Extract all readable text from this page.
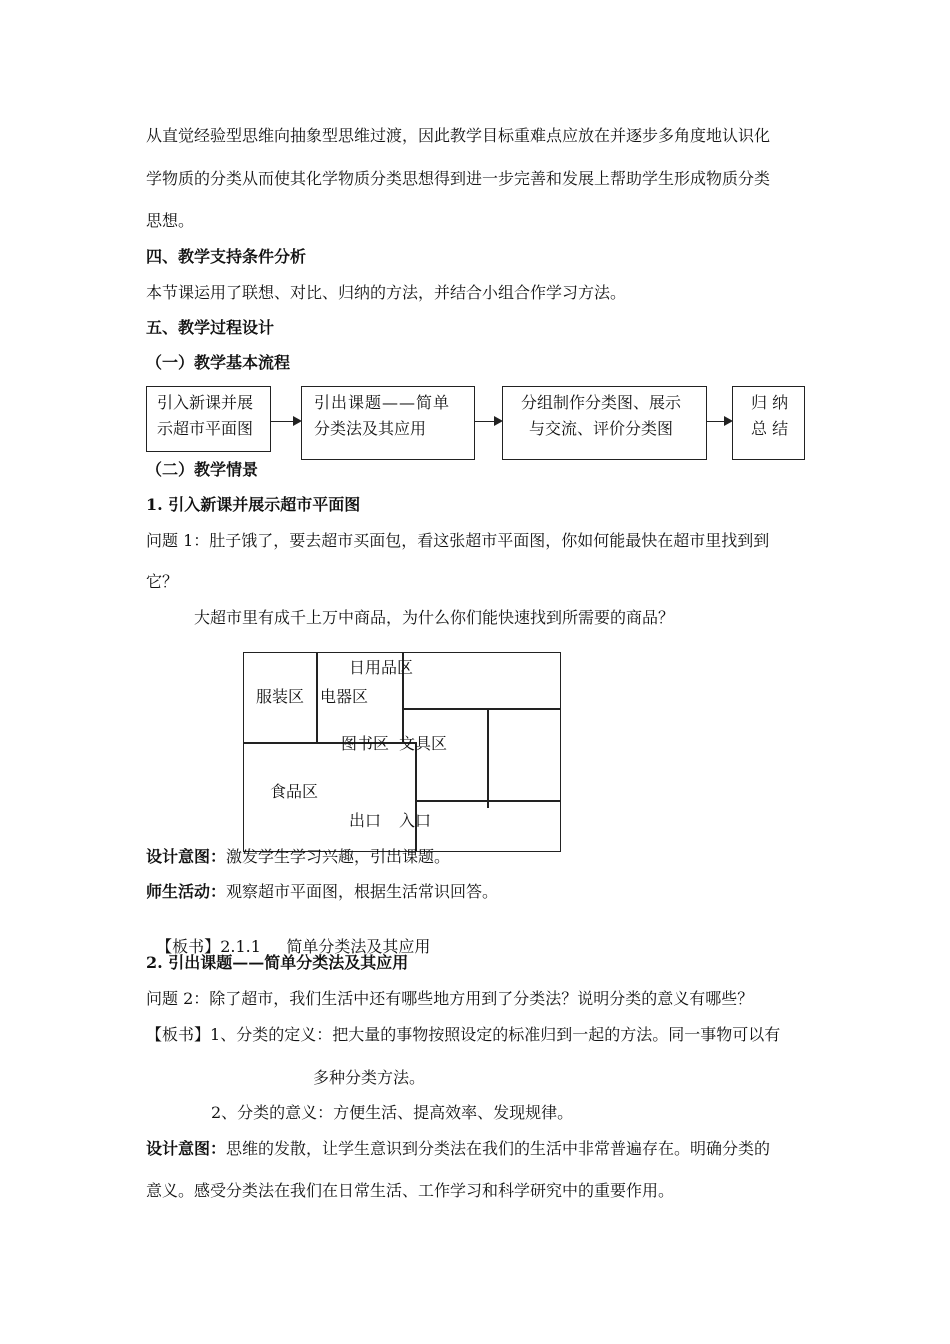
从直觉经验型思维向抽象型思维过渡，因此教学目标重难点应放在并逐步多角度地认识化
学物质的分类从而使其化学物质分类思想得到进一步完善和发展上帮助学生形成物质分类
思想。
四、教学支持条件分析
本节课运用了联想、对比、归纳的方法，并结合小组合作学习方法。
五、教学过程设计
（一）教学基本流程
引入新课并展
示超市平面图
引出课题——简单
分类法及其应用
分组制作分类图、展示
与交流、评价分类图
归 纳
总 结
（二）教学情景
1. 引入新课并展示超市平面图
问题 1：肚子饿了，要去超市买面包，看这张超市平面图，你如何能最快在超市里找到到
它？
大超市里有成千上万中商品，为什么你们能快速找到所需要的商品？
日用品区
服装区 电器区
图书区 文具区
食品区
出口 入口
设计意图：激发学生学习兴趣，引出课题。
师生活动：观察超市平面图，根据生活常识回答。

【板书】2.1.1     简单分类法及其应用

2. 引出课题——简单分类法及其应用
问题 2：除了超市，我们生活中还有哪些地方用到了分类法？说明分类的意义有哪些？
【板书】1、分类的定义：把大量的事物按照设定的标准归到一起的方法。同一事物可以有
多种分类方法。
2、分类的意义：方便生活、提高效率、发现规律。
设计意图：思维的发散，让学生意识到分类法在我们的生活中非常普遍存在。明确分类的
意义。感受分类法在我们在日常生活、工作学习和科学研究中的重要作用。
